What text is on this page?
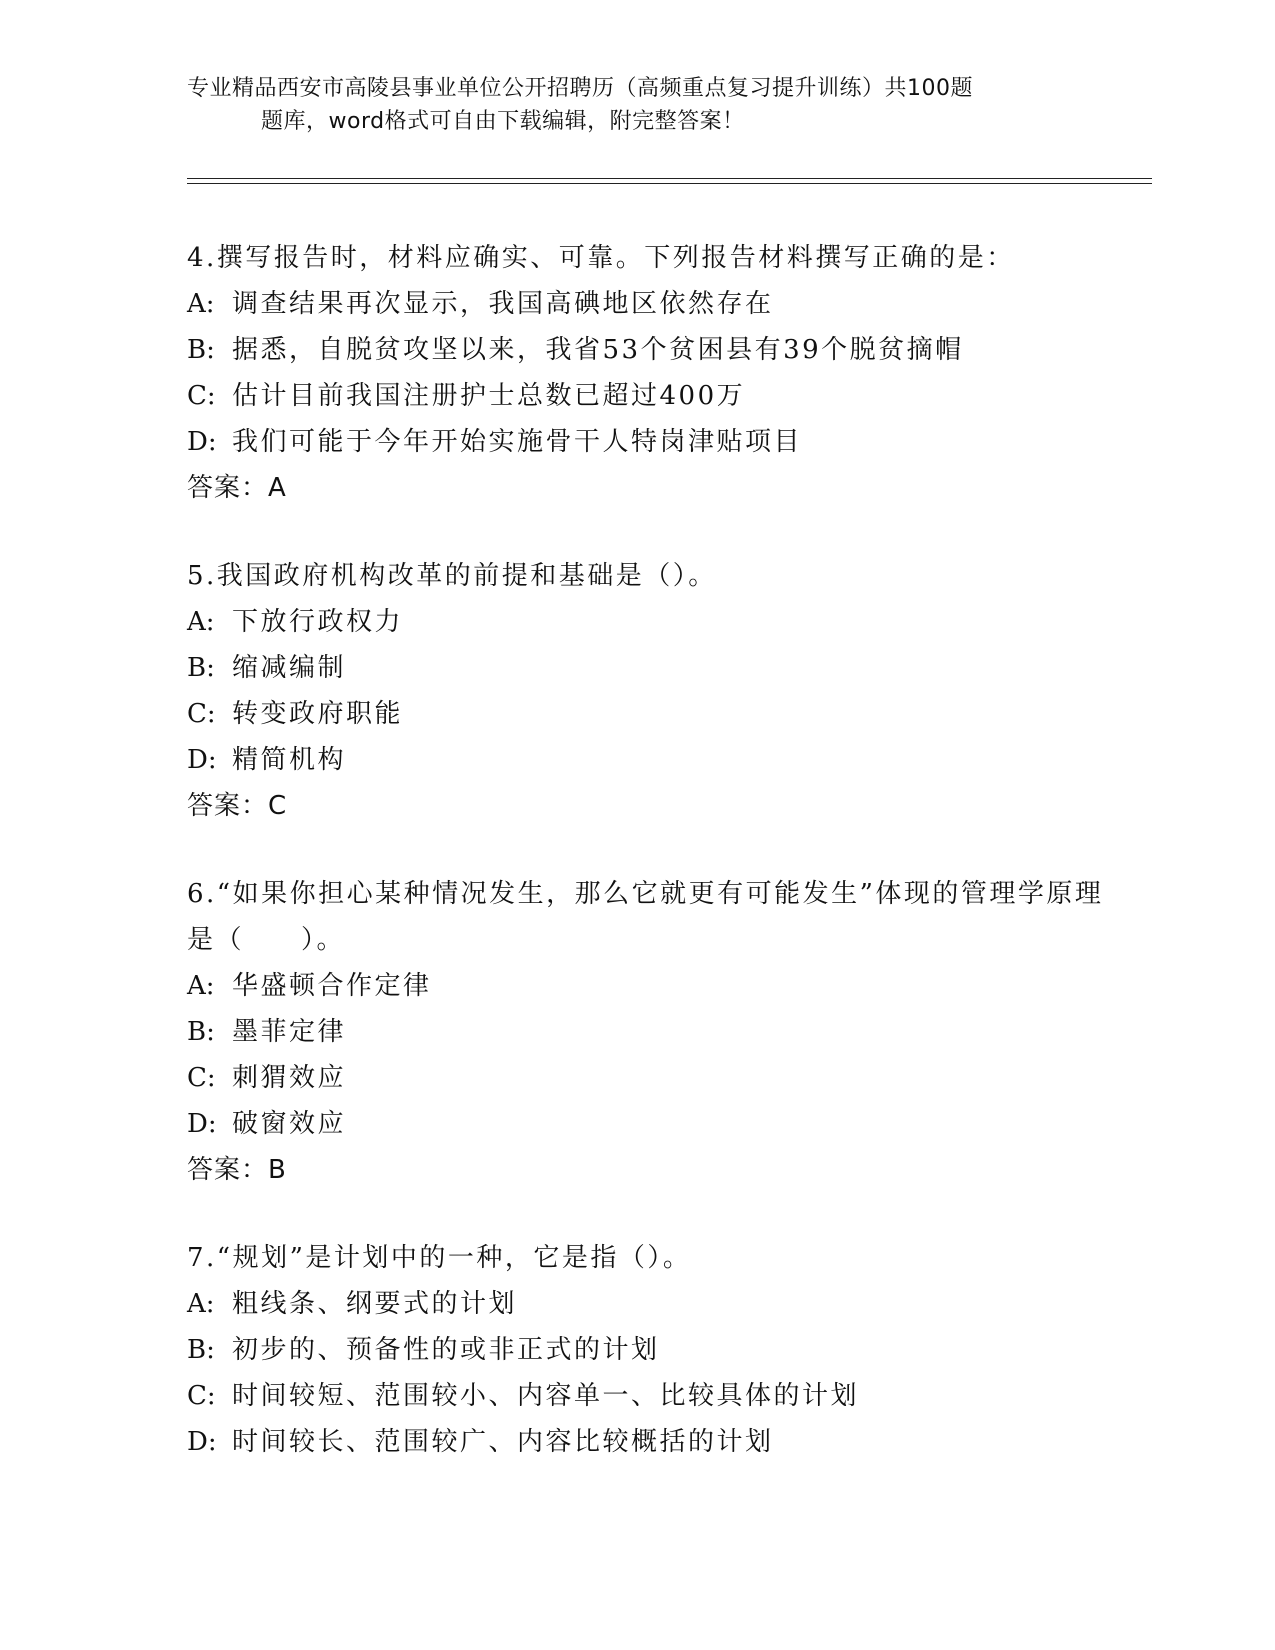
专业精品西安市高陵县事业单位公开招聘历（高频重点复习提升训练）共100题
题库，word格式可自由下载编辑，附完整答案！
4.撰写报告时，材料应确实、可靠。下列报告材料撰写正确的是：
A: 调查结果再次显示，我国高碘地区依然存在
B: 据悉，自脱贫攻坚以来，我省53个贫困县有39个脱贫摘帽
C: 估计目前我国注册护士总数已超过400万
D: 我们可能于今年开始实施骨干人特岗津贴项目
答案：A
5.我国政府机构改革的前提和基础是（）。
A: 下放行政权力
B: 缩减编制
C: 转变政府职能
D: 精简机构
答案：C
6.“如果你担心某种情况发生，那么它就更有可能发生”体现的管理学原理是（　　）。
A: 华盛顿合作定律
B: 墨菲定律
C: 刺猬效应
D: 破窗效应
答案：B
7.“规划”是计划中的一种，它是指（）。
A: 粗线条、纲要式的计划
B: 初步的、预备性的或非正式的计划
C: 时间较短、范围较小、内容单一、比较具体的计划
D: 时间较长、范围较广、内容比较概括的计划
